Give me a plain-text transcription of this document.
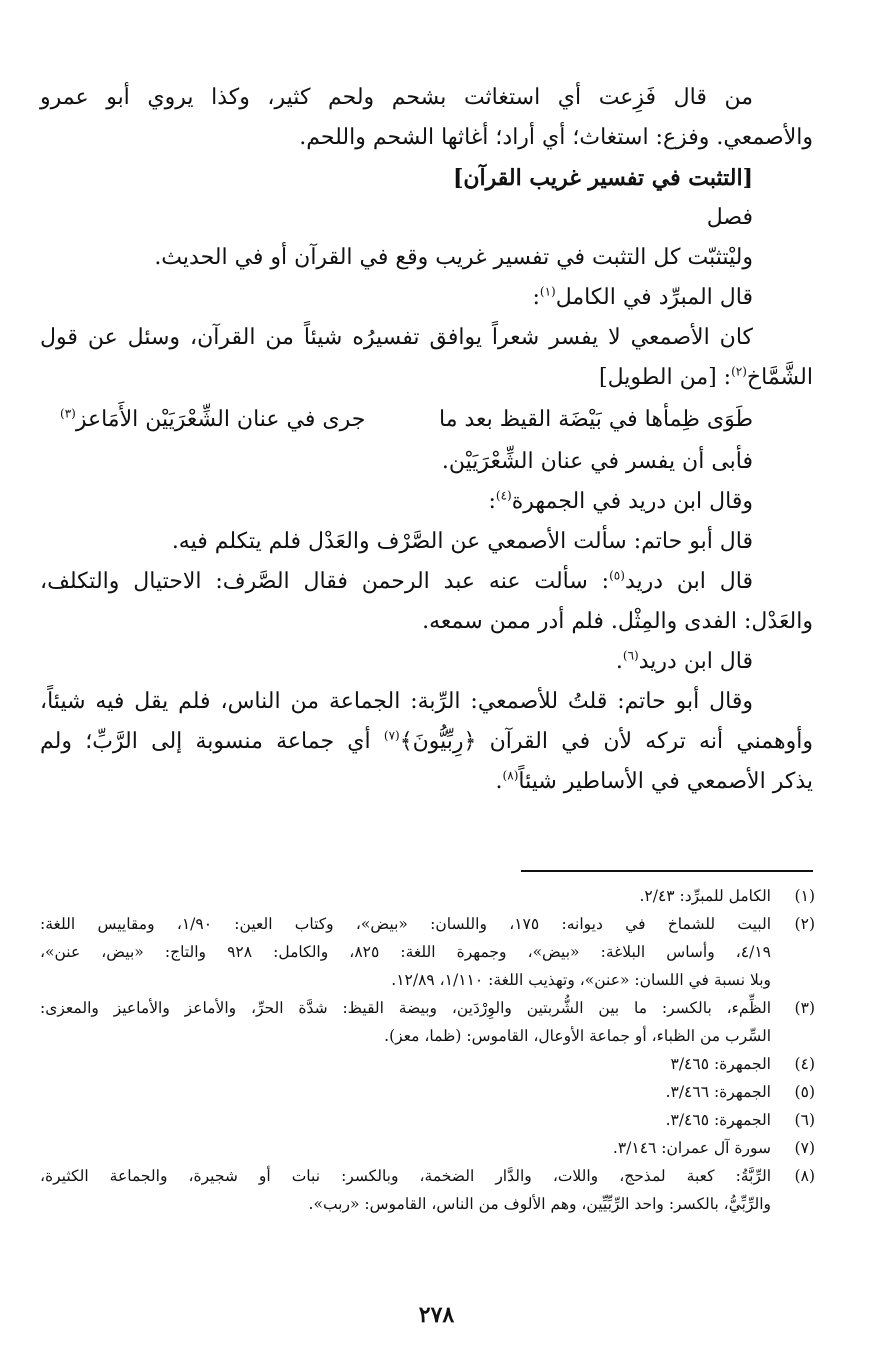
من قال فَزِعت أي استغاثت بشحم ولحم كثير، وكذا يروي أبو عمرو
والأصمعي. وفزع: استغاث؛ أي أراد؛ أغاثها الشحم واللحم.
[التثبت في تفسير غريب القرآن]
فصل
وليْتثبّت كل التثبت في تفسير غريب وقع في القرآن أو في الحديث.
قال المبرِّد في الكامل$^{(١)}$:
كان الأصمعي لا يفسر شعراً يوافق تفسيرُه شيئاً من القرآن، وسئل عن قول
الشَّمَّاخ$^{(٢)}$: [من الطويل]
طَوَى ظِمأها في بَيْضَة القيظ بعد ما
جرى في عنان الشِّعْرَيَيْن الأَمَاعز$^{(٣)}$
فأبى أن يفسر في عنان الشِّعْرَيَيْن.
وقال ابن دريد في الجمهرة$^{(٤)}$:
قال أبو حاتم: سألت الأصمعي عن الصَّرْف والعَدْل فلم يتكلم فيه.
قال ابن دريد$^{(٥)}$: سألت عنه عبد الرحمن فقال الصَّرف: الاحتيال والتكلف،
والعَدْل: الفدى والمِثْل. فلم أدر ممن سمعه.
قال ابن دريد$^{(٦)}$.
وقال أبو حاتم: قلتُ للأصمعي: الرِّبة: الجماعة من الناس، فلم يقل فيه شيئاً،
وأوهمني أنه تركه لأن في القرآن ﴿رِبِّيُّونَ﴾$^{(٧)}$ أي جماعة منسوبة إلى الرَّبِّ؛ ولم
يذكر الأصمعي في الأساطير شيئاً$^{(٨)}$.
(١)
الكامل للمبرِّد: ٢/٤٣.
(٢)
البيت للشماخ في ديوانه: ١٧٥، واللسان: «بيض»، وكتاب العين: ١/٩٠، ومقاييس اللغة:
٤/١٩، وأساس البلاغة: «بيض»، وجمهرة اللغة: ٨٢٥، والكامل: ٩٢٨ والتاج: «بيض، عنن»،
وبلا نسبة في اللسان: «عنن»، وتهذيب اللغة: ١/١١٠، ١٢/٨٩.
(٣)
الظِّمء، بالكسر: ما بين الشُّربتين والوِرْدَين، وبيضة القيظ: شدَّة الحرِّ، والأماعز والأماعيز والمعزى:
السِّرب من الظباء، أو جماعة الأوعال، القاموس: (ظما، معز).
(٤)
الجمهرة: ٣/٤٦٥
(٥)
الجمهرة: ٣/٤٦٦.
(٦)
الجمهرة: ٣/٤٦٥.
(٧)
سورة آل عمران: ٣/١٤٦.
(٨)
الرِّبَّةُ: كعبة لمذحج، واللات، والدَّار الضخمة، وبالكسر: نبات أو شجيرة، والجماعة الكثيرة،
والرِّبِّيُّ، بالكسر: واحد الرِّبِّيِّين، وهم الألوف من الناس، القاموس: «ربب».
٢٧٨
